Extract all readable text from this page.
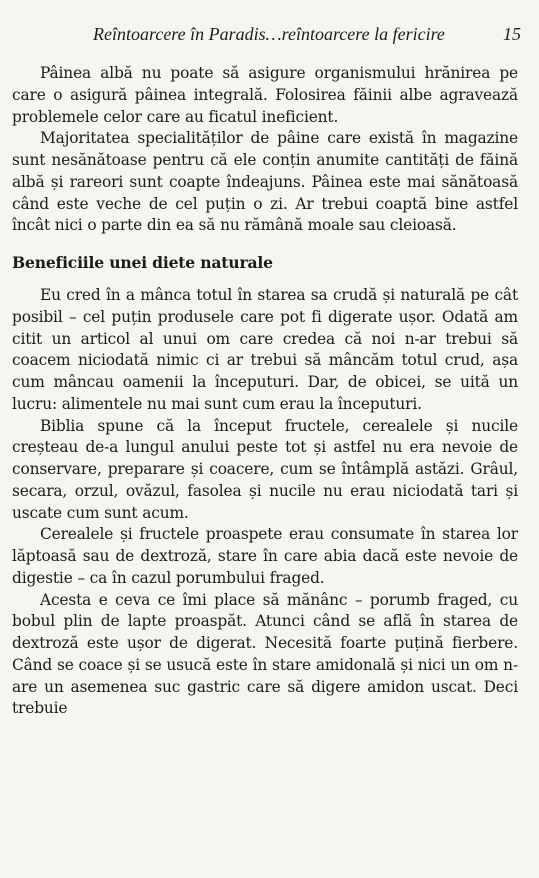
Reîntoarcere în Paradis…reîntoarcere la fericire	15

Pâinea albă nu poate să asigure organismului hrănirea pe care o asigură pâinea integrală. Folosirea făinii albe agravează problemele celor care au ficatul ineficient.

Majoritatea specialităților de pâine care există în magazine sunt nesănătoase pentru că ele conțin anumite cantități de făină albă și rareori sunt coapte îndeajuns. Pâinea este mai sănătoasă când este veche de cel puțin o zi. Ar trebui coaptă bine astfel încât nici o parte din ea să nu rămână moale sau cleioasă.

Beneficiile unei diete naturale

Eu cred în a mânca totul în starea sa crudă și naturală pe cât posibil – cel puțin produsele care pot fi digerate ușor. Odată am citit un articol al unui om care credea că noi n-ar trebui să coacem niciodată nimic ci ar trebui să mâncăm totul crud, așa cum mâncau oamenii la începuturi. Dar, de obicei, se uită un lucru: alimentele nu mai sunt cum erau la începuturi.

Biblia spune că la început fructele, cerealele și nucile creșteau de-a lungul anului peste tot și astfel nu era nevoie de conservare, preparare și coacere, cum se întâmplă astăzi. Grâul, secara, orzul, ovăzul, fasolea și nucile nu erau niciodată tari și uscate cum sunt acum.

Cerealele și fructele proaspete erau consumate în starea lor lăptoasă sau de dextroză, stare în care abia dacă este nevoie de digestie – ca în cazul porumbului fraged.

Acesta e ceva ce îmi place să mănânc – porumb fraged, cu bobul plin de lapte proaspăt. Atunci când se află în starea de dextroză este ușor de digerat. Necesită foarte puțină fierbere. Când se coace și se usucă este în stare amidonală și nici un om n-are un asemenea suc gastric care să digere amidon uscat. Deci trebuie
